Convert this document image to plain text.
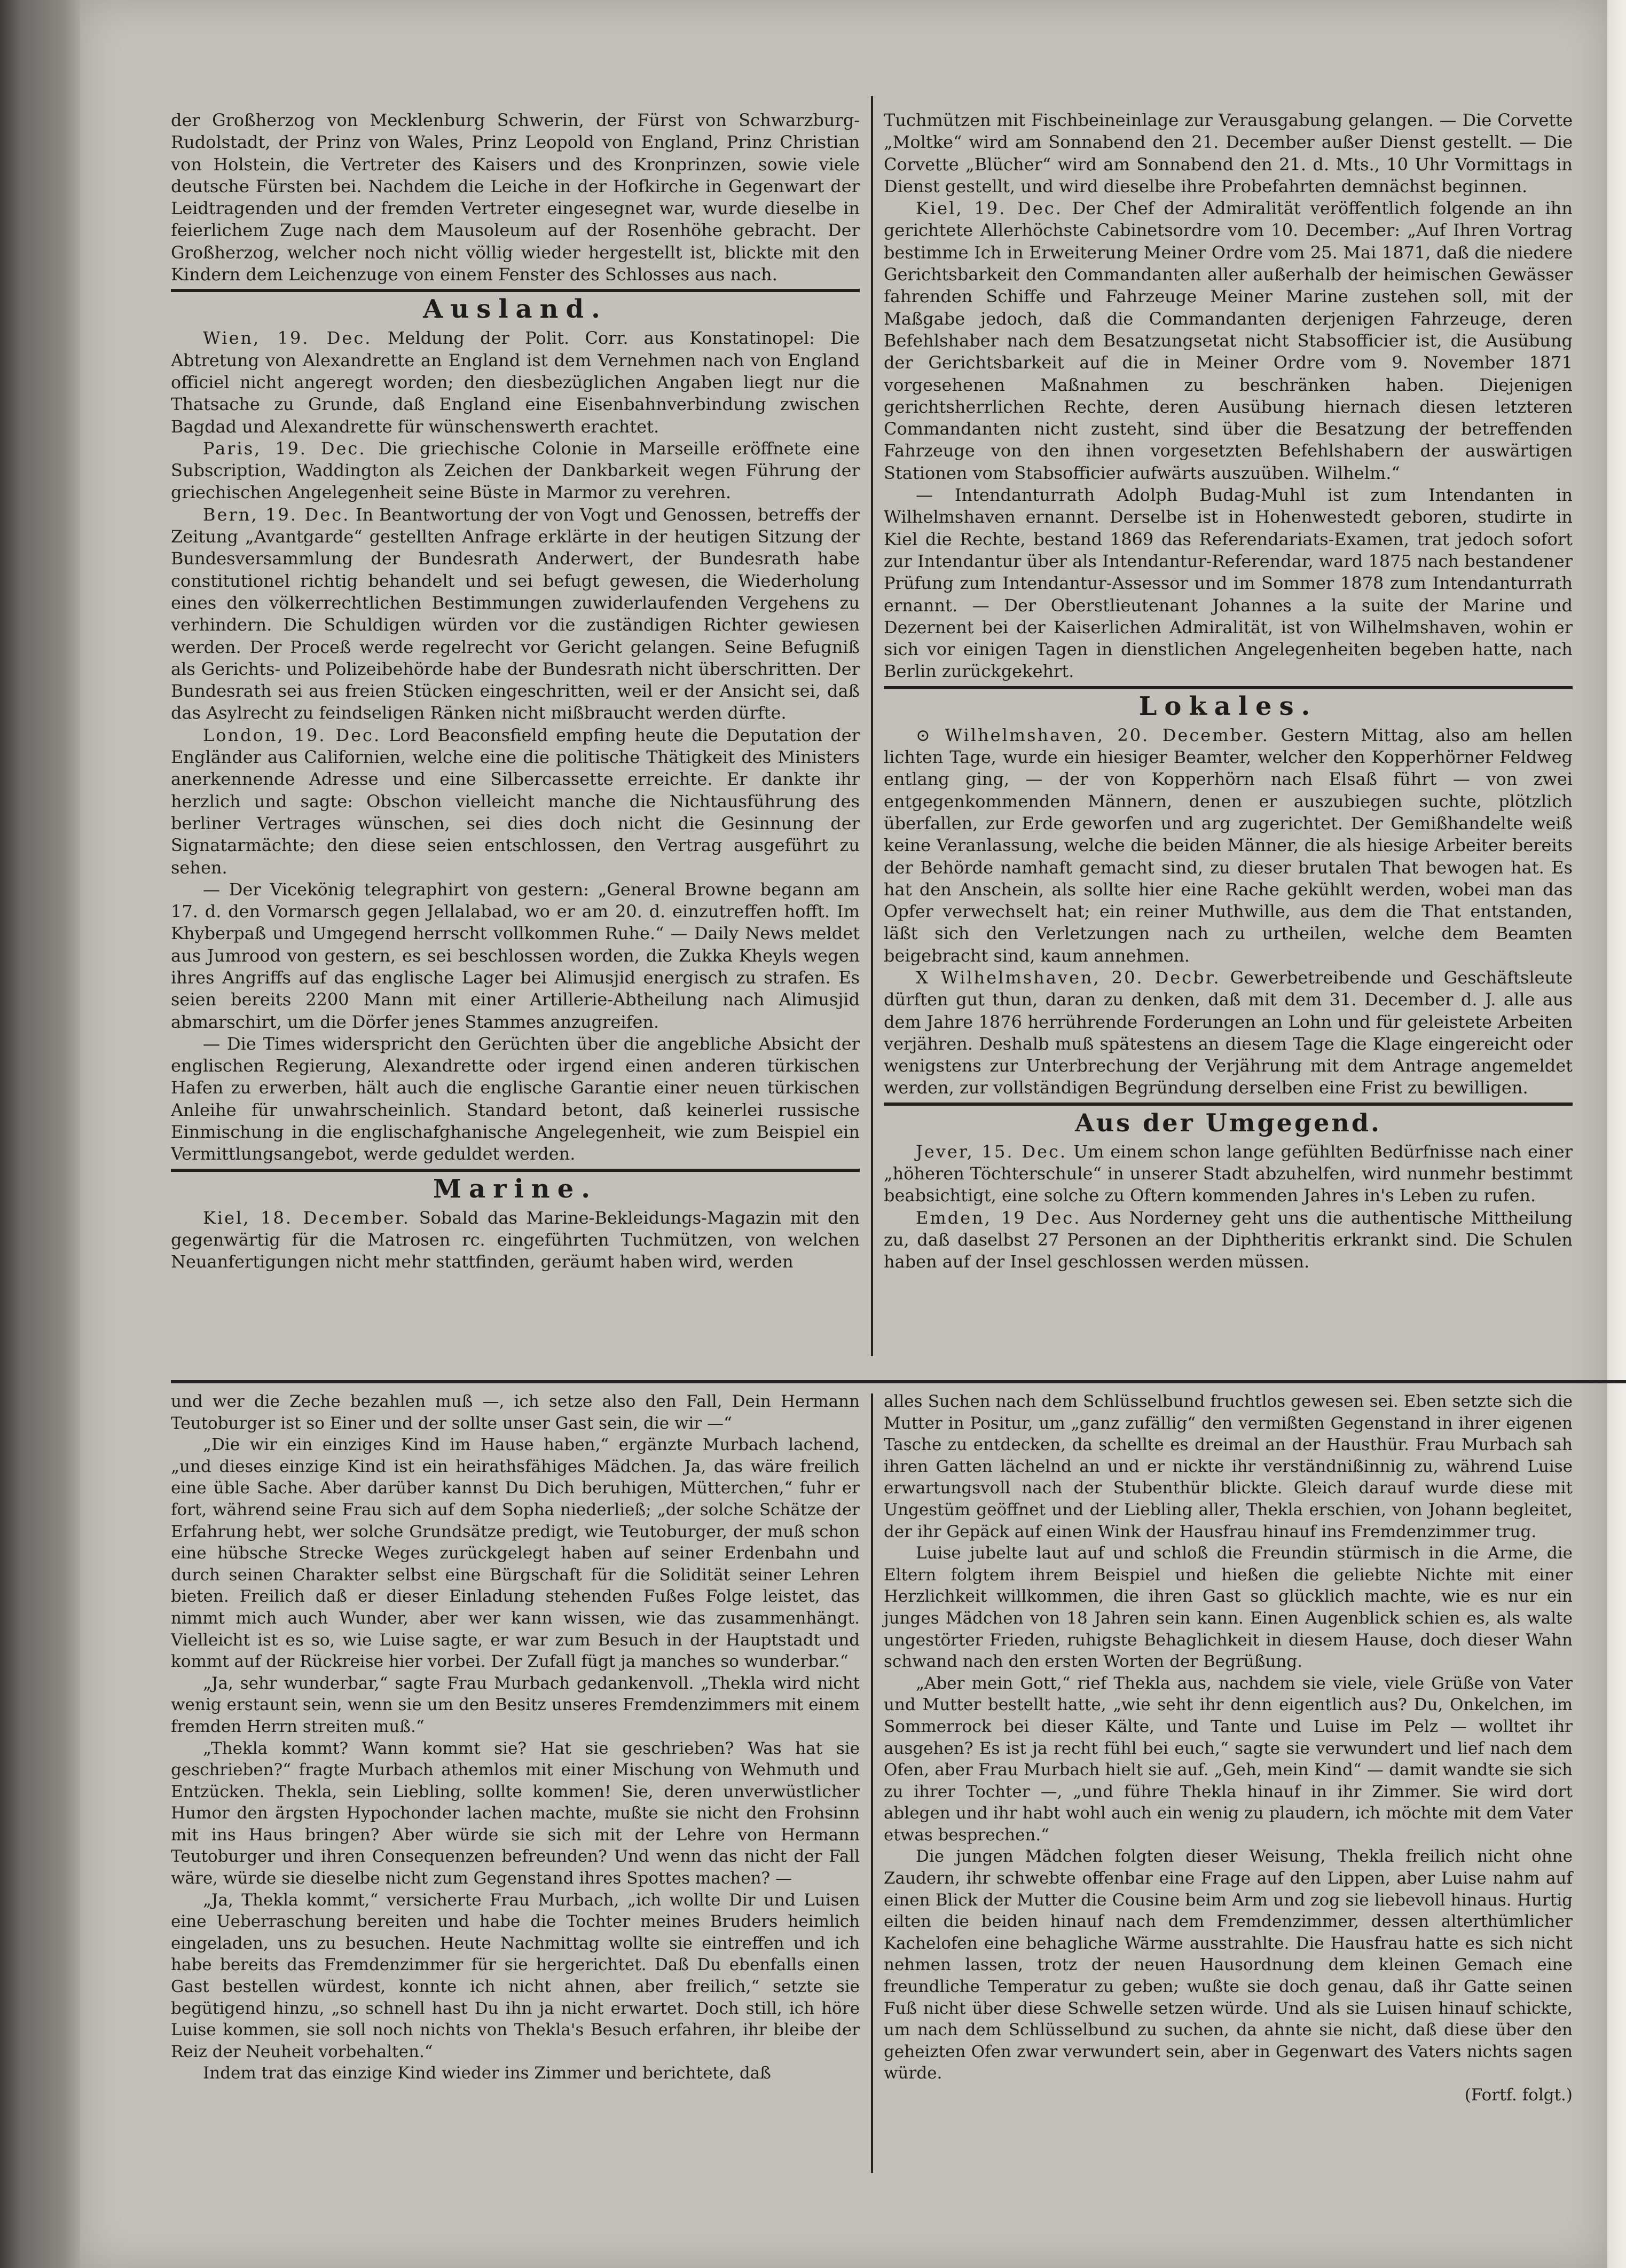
der Großherzog von Mecklenburg Schwerin, der Fürst von Schwarzburg-Rudolstadt, der Prinz von Wales, Prinz Leopold von England, Prinz Christian von Holstein, die Vertreter des Kaisers und des Kronprinzen, sowie viele deutsche Fürsten bei. Nachdem die Leiche in der Hofkirche in Gegenwart der Leidtragenden und der fremden Vertreter eingesegnet war, wurde dieselbe in feierlichem Zuge nach dem Mausoleum auf der Rosenhöhe gebracht. Der Großherzog, welcher noch nicht völlig wieder hergestellt ist, blickte mit den Kindern dem Leichenzuge von einem Fenster des Schlosses aus nach.

Ausland.

Wien, 19. Dec. Meldung der Polit. Corr. aus Konstatinopel: Die Abtretung von Alexandrette an England ist dem Vernehmen nach von England officiel nicht angeregt worden; den diesbezüglichen Angaben liegt nur die Thatsache zu Grunde, daß England eine Eisenbahnverbindung zwischen Bagdad und Alexandrette für wünschenswerth erachtet.

Paris, 19. Dec. Die griechische Colonie in Marseille eröffnete eine Subscription, Waddington als Zeichen der Dankbarkeit wegen Führung der griechischen Angelegenheit seine Büste in Marmor zu verehren.

Bern, 19. Dec. In Beantwortung der von Vogt und Genossen, betreffs der Zeitung „Avantgarde“ gestellten Anfrage erklärte in der heutigen Sitzung der Bundesversammlung der Bundesrath Anderwert, der Bundesrath habe constitutionel richtig behandelt und sei befugt gewesen, die Wiederholung eines den völkerrechtlichen Bestimmungen zuwiderlaufenden Vergehens zu verhindern. Die Schuldigen würden vor die zuständigen Richter gewiesen werden. Der Proceß werde regelrecht vor Gericht gelangen. Seine Befugniß als Gerichts- und Polizeibehörde habe der Bundesrath nicht überschritten. Der Bundesrath sei aus freien Stücken eingeschritten, weil er der Ansicht sei, daß das Asylrecht zu feindseligen Ränken nicht mißbraucht werden dürfte.

London, 19. Dec. Lord Beaconsfield empfing heute die Deputation der Engländer aus Californien, welche eine die politische Thätigkeit des Ministers anerkennende Adresse und eine Silbercassette erreichte. Er dankte ihr herzlich und sagte: Obschon vielleicht manche die Nichtausführung des berliner Vertrages wünschen, sei dies doch nicht die Gesinnung der Signatarmächte; den diese seien entschlossen, den Vertrag ausgeführt zu sehen.

— Der Vicekönig telegraphirt von gestern: „General Browne begann am 17. d. den Vormarsch gegen Jellalabad, wo er am 20. d. einzutreffen hofft. Im Khyberpaß und Umgegend herrscht vollkommen Ruhe.“ — Daily News meldet aus Jumrood von gestern, es sei beschlossen worden, die Zukka Kheyls wegen ihres Angriffs auf das englische Lager bei Alimusjid energisch zu strafen. Es seien bereits 2200 Mann mit einer Artillerie-Abtheilung nach Alimusjid abmarschirt, um die Dörfer jenes Stammes anzugreifen.

— Die Times widerspricht den Gerüchten über die angebliche Absicht der englischen Regierung, Alexandrette oder irgend einen anderen türkischen Hafen zu erwerben, hält auch die englische Garantie einer neuen türkischen Anleihe für unwahrscheinlich. Standard betont, daß keinerlei russische Einmischung in die englischafghanische Angelegenheit, wie zum Beispiel ein Vermittlungsangebot, werde geduldet werden.

Marine.

Kiel, 18. December. Sobald das Marine-Bekleidungs-Magazin mit den gegenwärtig für die Matrosen rc. eingeführten Tuchmützen, von welchen Neuanfertigungen nicht mehr stattfinden, geräumt haben wird, werden

Tuchmützen mit Fischbeineinlage zur Verausgabung gelangen. — Die Corvette „Moltke“ wird am Sonnabend den 21. December außer Dienst gestellt. — Die Corvette „Blücher“ wird am Sonnabend den 21. d. Mts., 10 Uhr Vormittags in Dienst gestellt, und wird dieselbe ihre Probefahrten demnächst beginnen.

Kiel, 19. Dec. Der Chef der Admiralität veröffentlich folgende an ihn gerichtete Allerhöchste Cabinetsordre vom 10. December: „Auf Ihren Vortrag bestimme Ich in Erweiterung Meiner Ordre vom 25. Mai 1871, daß die niedere Gerichtsbarkeit den Commandanten aller außerhalb der heimischen Gewässer fahrenden Schiffe und Fahrzeuge Meiner Marine zustehen soll, mit der Maßgabe jedoch, daß die Commandanten derjenigen Fahrzeuge, deren Befehlshaber nach dem Besatzungsetat nicht Stabsofficier ist, die Ausübung der Gerichtsbarkeit auf die in Meiner Ordre vom 9. November 1871 vorgesehenen Maßnahmen zu beschränken haben. Diejenigen gerichtsherrlichen Rechte, deren Ausübung hiernach diesen letzteren Commandanten nicht zusteht, sind über die Besatzung der betreffenden Fahrzeuge von den ihnen vorgesetzten Befehlshabern der auswärtigen Stationen vom Stabsofficier aufwärts auszuüben. Wilhelm.“

— Intendanturrath Adolph Budag-Muhl ist zum Intendanten in Wilhelmshaven ernannt. Derselbe ist in Hohenwestedt geboren, studirte in Kiel die Rechte, bestand 1869 das Referendariats-Examen, trat jedoch sofort zur Intendantur über als Intendantur-Referendar, ward 1875 nach bestandener Prüfung zum Intendantur-Assessor und im Sommer 1878 zum Intendanturrath ernannt. — Der Oberstlieutenant Johannes a la suite der Marine und Dezernent bei der Kaiserlichen Admiralität, ist von Wilhelmshaven, wohin er sich vor einigen Tagen in dienstlichen Angelegenheiten begeben hatte, nach Berlin zurückgekehrt.

Lokales.

⊙ Wilhelmshaven, 20. December. Gestern Mittag, also am hellen lichten Tage, wurde ein hiesiger Beamter, welcher den Kopperhörner Feldweg entlang ging, — der von Kopperhörn nach Elsaß führt — von zwei entgegenkommenden Männern, denen er auszubiegen suchte, plötzlich überfallen, zur Erde geworfen und arg zugerichtet. Der Gemißhandelte weiß keine Veranlassung, welche die beiden Männer, die als hiesige Arbeiter bereits der Behörde namhaft gemacht sind, zu dieser brutalen That bewogen hat. Es hat den Anschein, als sollte hier eine Rache gekühlt werden, wobei man das Opfer verwechselt hat; ein reiner Muthwille, aus dem die That entstanden, läßt sich den Verletzungen nach zu urtheilen, welche dem Beamten beigebracht sind, kaum annehmen.

X Wilhelmshaven, 20. Decbr. Gewerbetreibende und Geschäftsleute dürften gut thun, daran zu denken, daß mit dem 31. December d. J. alle aus dem Jahre 1876 herrührende Forderungen an Lohn und für geleistete Arbeiten verjähren. Deshalb muß spätestens an diesem Tage die Klage eingereicht oder wenigstens zur Unterbrechung der Verjährung mit dem Antrage angemeldet werden, zur vollständigen Begründung derselben eine Frist zu bewilligen.

Aus der Umgegend.

Jever, 15. Dec. Um einem schon lange gefühlten Bedürfnisse nach einer „höheren Töchterschule“ in unserer Stadt abzuhelfen, wird nunmehr bestimmt beabsichtigt, eine solche zu Oftern kommenden Jahres in's Leben zu rufen.

Emden, 19 Dec. Aus Norderney geht uns die authentische Mittheilung zu, daß daselbst 27 Personen an der Diphtheritis erkrankt sind. Die Schulen haben auf der Insel geschlossen werden müssen.

und wer die Zeche bezahlen muß —, ich setze also den Fall, Dein Hermann Teutoburger ist so Einer und der sollte unser Gast sein, die wir —“

„Die wir ein einziges Kind im Hause haben,“ ergänzte Murbach lachend, „und dieses einzige Kind ist ein heirathsfähiges Mädchen. Ja, das wäre freilich eine üble Sache. Aber darüber kannst Du Dich beruhigen, Mütterchen,“ fuhr er fort, während seine Frau sich auf dem Sopha niederließ; „der solche Schätze der Erfahrung hebt, wer solche Grundsätze predigt, wie Teutoburger, der muß schon eine hübsche Strecke Weges zurückgelegt haben auf seiner Erdenbahn und durch seinen Charakter selbst eine Bürgschaft für die Solidität seiner Lehren bieten. Freilich daß er dieser Einladung stehenden Fußes Folge leistet, das nimmt mich auch Wunder, aber wer kann wissen, wie das zusammenhängt. Vielleicht ist es so, wie Luise sagte, er war zum Besuch in der Hauptstadt und kommt auf der Rückreise hier vorbei. Der Zufall fügt ja manches so wunderbar.“

„Ja, sehr wunderbar,“ sagte Frau Murbach gedankenvoll. „Thekla wird nicht wenig erstaunt sein, wenn sie um den Besitz unseres Fremdenzimmers mit einem fremden Herrn streiten muß.“

„Thekla kommt? Wann kommt sie? Hat sie geschrieben? Was hat sie geschrieben?“ fragte Murbach athemlos mit einer Mischung von Wehmuth und Entzücken. Thekla, sein Liebling, sollte kommen! Sie, deren unverwüstlicher Humor den ärgsten Hypochonder lachen machte, mußte sie nicht den Frohsinn mit ins Haus bringen? Aber würde sie sich mit der Lehre von Hermann Teutoburger und ihren Consequenzen befreunden? Und wenn das nicht der Fall wäre, würde sie dieselbe nicht zum Gegenstand ihres Spottes machen? —

„Ja, Thekla kommt,“ versicherte Frau Murbach, „ich wollte Dir und Luisen eine Ueberraschung bereiten und habe die Tochter meines Bruders heimlich eingeladen, uns zu besuchen. Heute Nachmittag wollte sie eintreffen und ich habe bereits das Fremdenzimmer für sie hergerichtet. Daß Du ebenfalls einen Gast bestellen würdest, konnte ich nicht ahnen, aber freilich,“ setzte sie begütigend hinzu, „so schnell hast Du ihn ja nicht erwartet. Doch still, ich höre Luise kommen, sie soll noch nichts von Thekla's Besuch erfahren, ihr bleibe der Reiz der Neuheit vorbehalten.“

Indem trat das einzige Kind wieder ins Zimmer und berichtete, daß

alles Suchen nach dem Schlüsselbund fruchtlos gewesen sei. Eben setzte sich die Mutter in Positur, um „ganz zufällig“ den vermißten Gegenstand in ihrer eigenen Tasche zu entdecken, da schellte es dreimal an der Hausthür. Frau Murbach sah ihren Gatten lächelnd an und er nickte ihr verständnißinnig zu, während Luise erwartungsvoll nach der Stubenthür blickte. Gleich darauf wurde diese mit Ungestüm geöffnet und der Liebling aller, Thekla erschien, von Johann begleitet, der ihr Gepäck auf einen Wink der Hausfrau hinauf ins Fremdenzimmer trug.

Luise jubelte laut auf und schloß die Freundin stürmisch in die Arme, die Eltern folgtem ihrem Beispiel und hießen die geliebte Nichte mit einer Herzlichkeit willkommen, die ihren Gast so glücklich machte, wie es nur ein junges Mädchen von 18 Jahren sein kann. Einen Augenblick schien es, als walte ungestörter Frieden, ruhigste Behaglichkeit in diesem Hause, doch dieser Wahn schwand nach den ersten Worten der Begrüßung.

„Aber mein Gott,“ rief Thekla aus, nachdem sie viele, viele Grüße von Vater und Mutter bestellt hatte, „wie seht ihr denn eigentlich aus? Du, Onkelchen, im Sommerrock bei dieser Kälte, und Tante und Luise im Pelz — wolltet ihr ausgehen? Es ist ja recht fühl bei euch,“ sagte sie verwundert und lief nach dem Ofen, aber Frau Murbach hielt sie auf. „Geh, mein Kind“ — damit wandte sie sich zu ihrer Tochter —, „und führe Thekla hinauf in ihr Zimmer. Sie wird dort ablegen und ihr habt wohl auch ein wenig zu plaudern, ich möchte mit dem Vater etwas besprechen.“

Die jungen Mädchen folgten dieser Weisung, Thekla freilich nicht ohne Zaudern, ihr schwebte offenbar eine Frage auf den Lippen, aber Luise nahm auf einen Blick der Mutter die Cousine beim Arm und zog sie liebevoll hinaus. Hurtig eilten die beiden hinauf nach dem Fremdenzimmer, dessen alterthümlicher Kachelofen eine behagliche Wärme ausstrahlte. Die Hausfrau hatte es sich nicht nehmen lassen, trotz der neuen Hausordnung dem kleinen Gemach eine freundliche Temperatur zu geben; wußte sie doch genau, daß ihr Gatte seinen Fuß nicht über diese Schwelle setzen würde. Und als sie Luisen hinauf schickte, um nach dem Schlüsselbund zu suchen, da ahnte sie nicht, daß diese über den geheizten Ofen zwar verwundert sein, aber in Gegenwart des Vaters nichts sagen würde.

(Fortf. folgt.)
